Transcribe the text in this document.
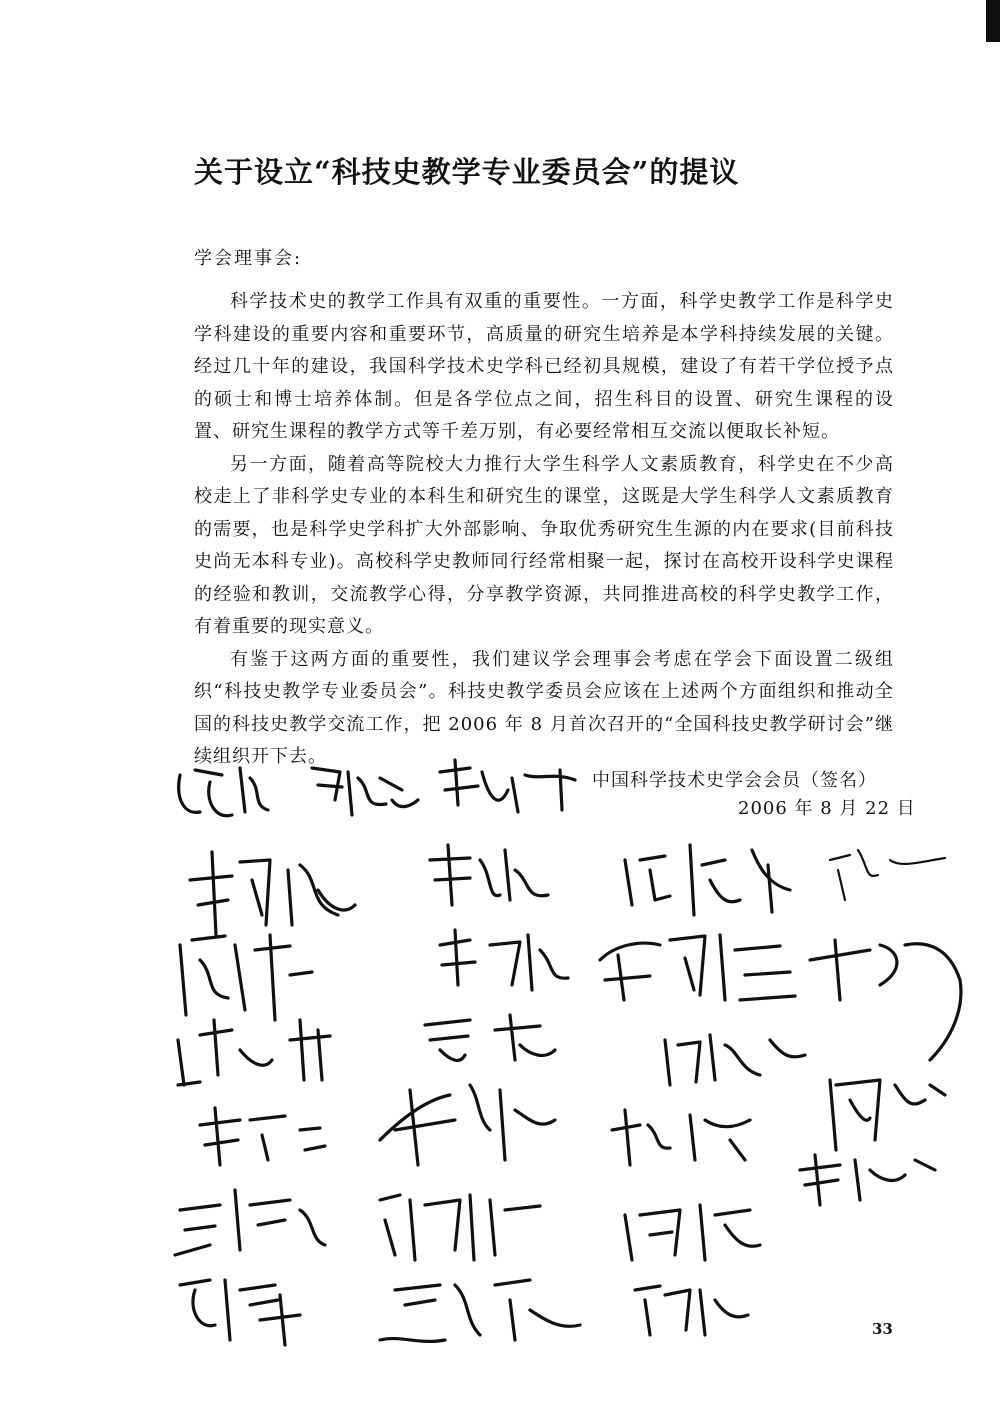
关于设立“科技史教学专业委员会”的提议
学会理事会:

科学技术史的教学工作具有双重的重要性。一方面，科学史教学工作是科学史学科建设的重要内容和重要环节，高质量的研究生培养是本学科持续发展的关键。经过几十年的建设，我国科学技术史学科已经初具规模，建设了有若干学位授予点的硕士和博士培养体制。但是各学位点之间，招生科目的设置、研究生课程的设置、研究生课程的教学方式等千差万别，有必要经常相互交流以便取长补短。

另一方面，随着高等院校大力推行大学生科学人文素质教育，科学史在不少高校走上了非科学史专业的本科生和研究生的课堂，这既是大学生科学人文素质教育的需要，也是科学史学科扩大外部影响、争取优秀研究生生源的内在要求(目前科技史尚无本科专业)。高校科学史教师同行经常相聚一起，探讨在高校开设科学史课程的经验和教训，交流教学心得，分享教学资源，共同推进高校的科学史教学工作，有着重要的现实意义。

有鉴于这两方面的重要性，我们建议学会理事会考虑在学会下面设置二级组织“科技史教学专业委员会”。科技史教学委员会应该在上述两个方面组织和推动全国的科技史教学交流工作，把 2006 年 8 月首次召开的“全国科技史教学研讨会”继续组织开下去。

中国科学技术史学会会员（签名）
2006 年 8 月 22 日
33
